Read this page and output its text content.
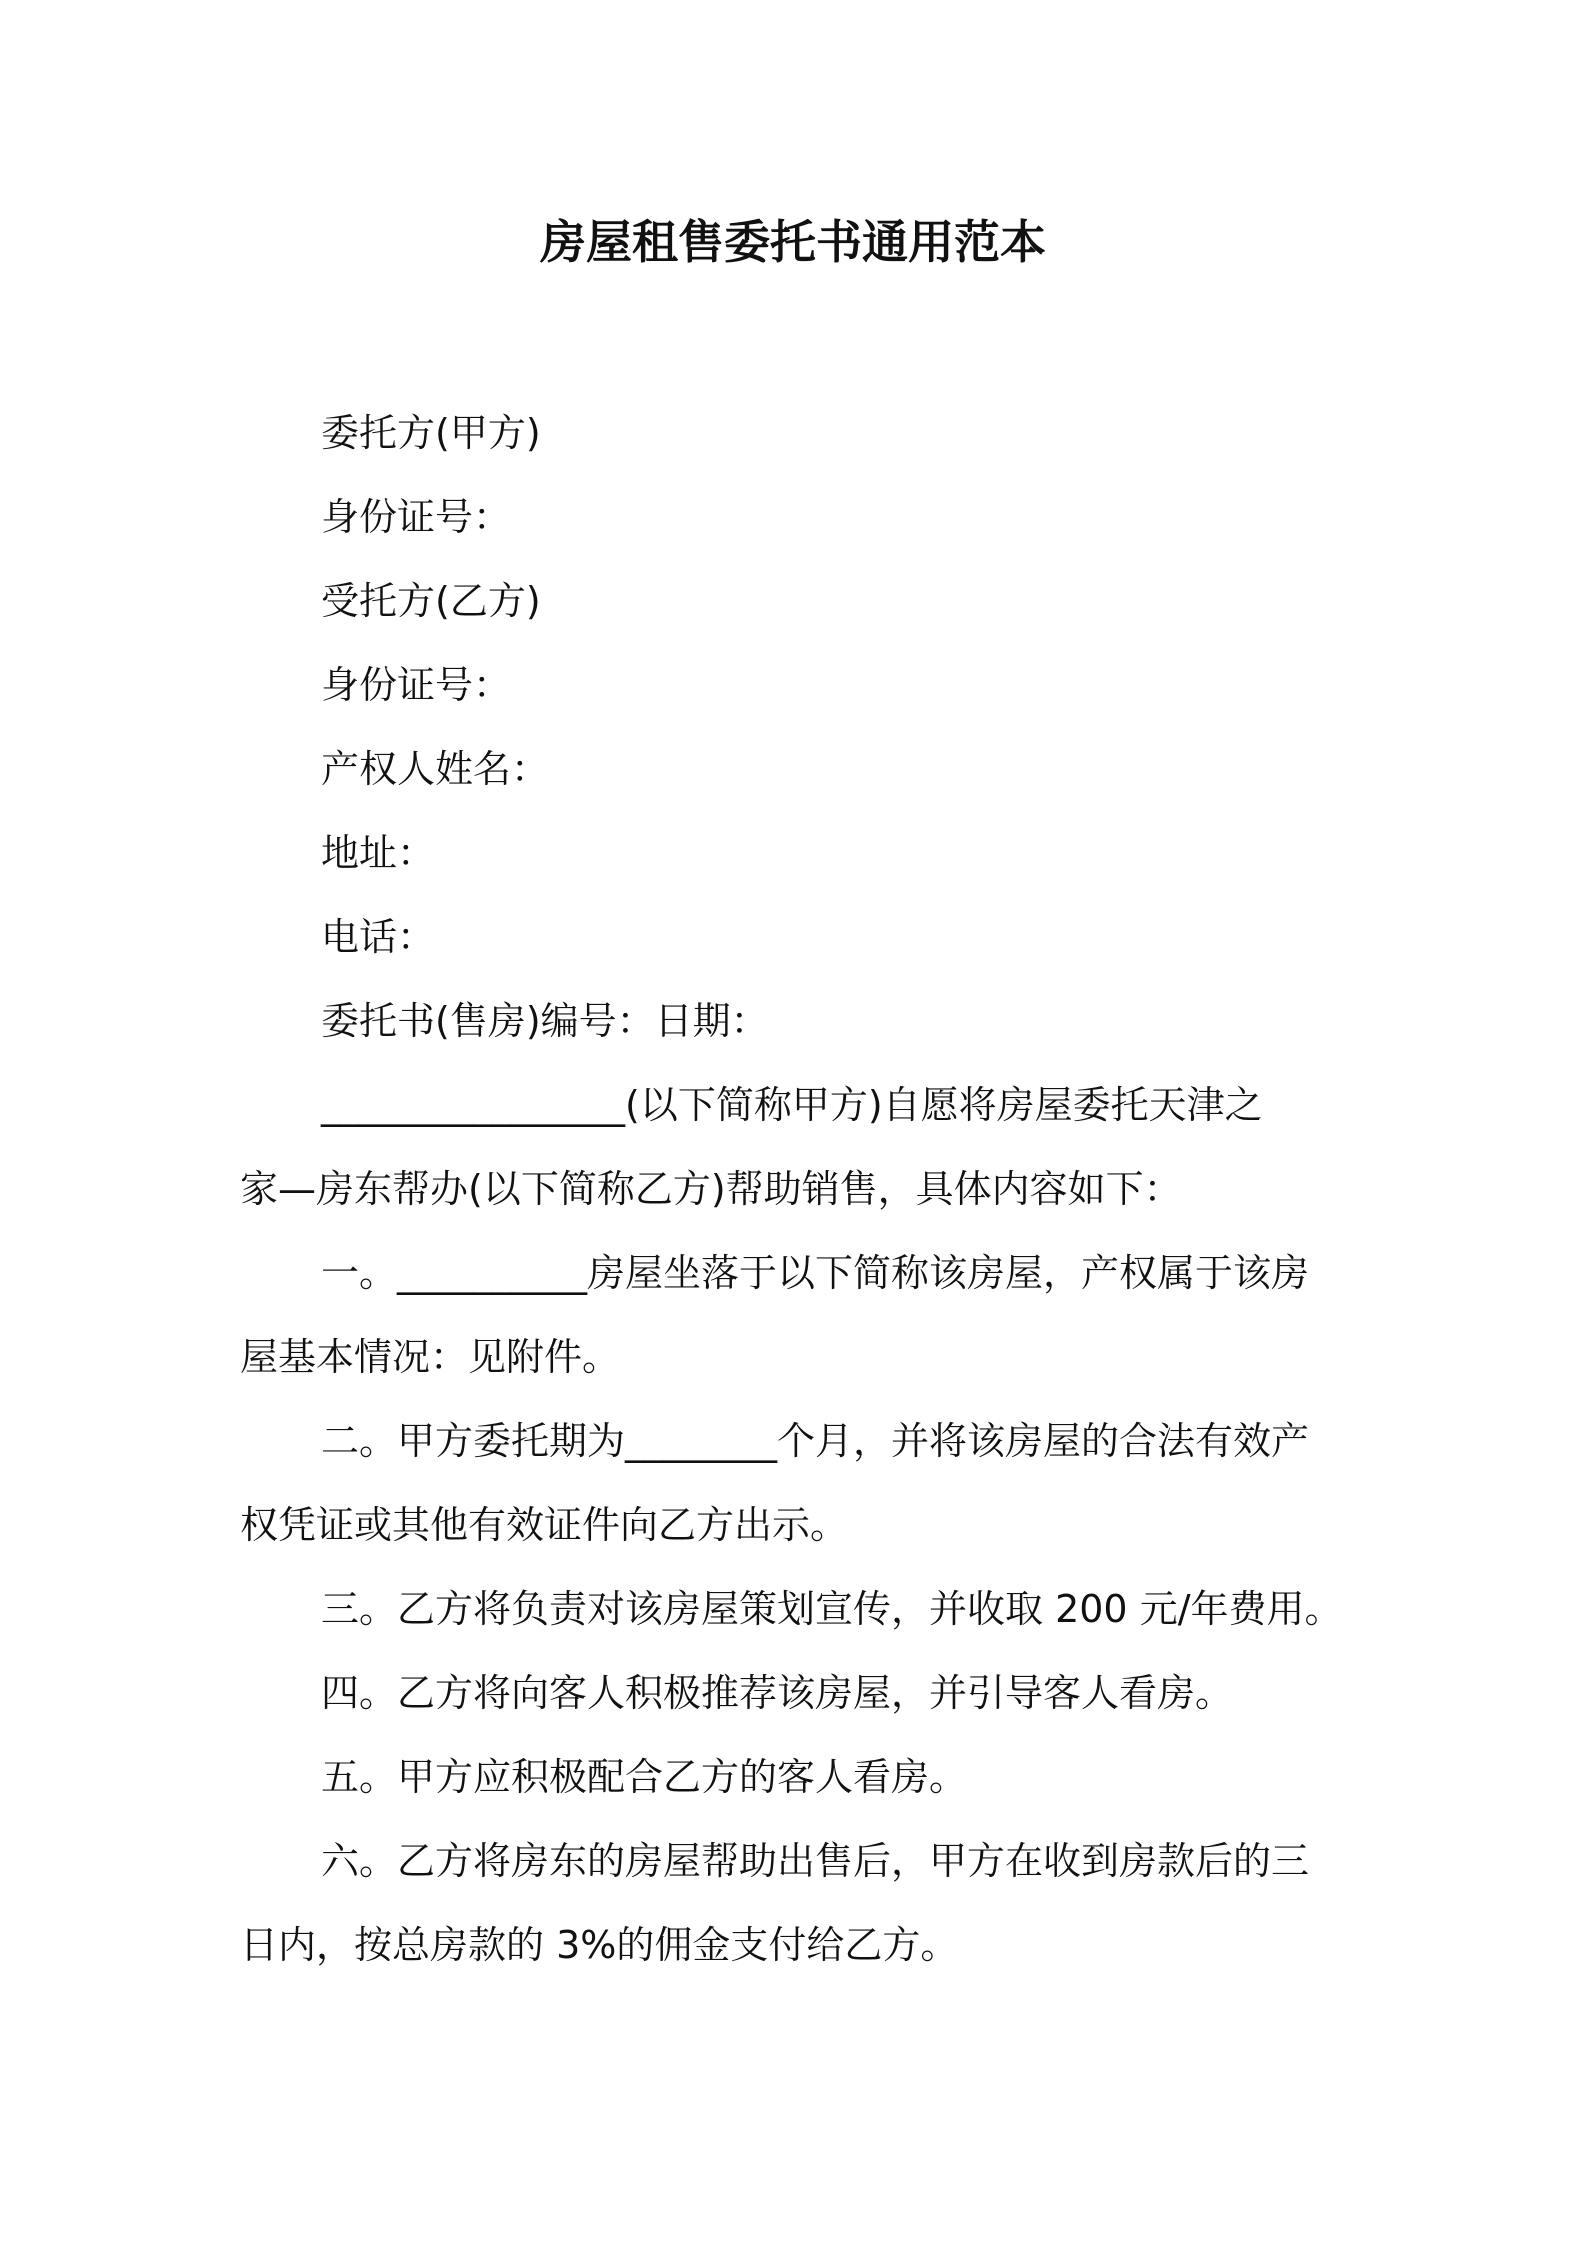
房屋租售委托书通用范本
委托方(甲方)
身份证号：
受托方(乙方)
身份证号：
产权人姓名：
地址：
电话：
委托书(售房)编号：日期：
________________(以下简称甲方)自愿将房屋委托天津之
家—房东帮办(以下简称乙方)帮助销售，具体内容如下：
一。__________房屋坐落于以下简称该房屋，产权属于该房
屋基本情况：见附件。
二。甲方委托期为________个月，并将该房屋的合法有效产
权凭证或其他有效证件向乙方出示。
三。乙方将负责对该房屋策划宣传，并收取 200 元/年费用。
四。乙方将向客人积极推荐该房屋，并引导客人看房。
五。甲方应积极配合乙方的客人看房。
六。乙方将房东的房屋帮助出售后，甲方在收到房款后的三
日内，按总房款的 3%的佣金支付给乙方。
